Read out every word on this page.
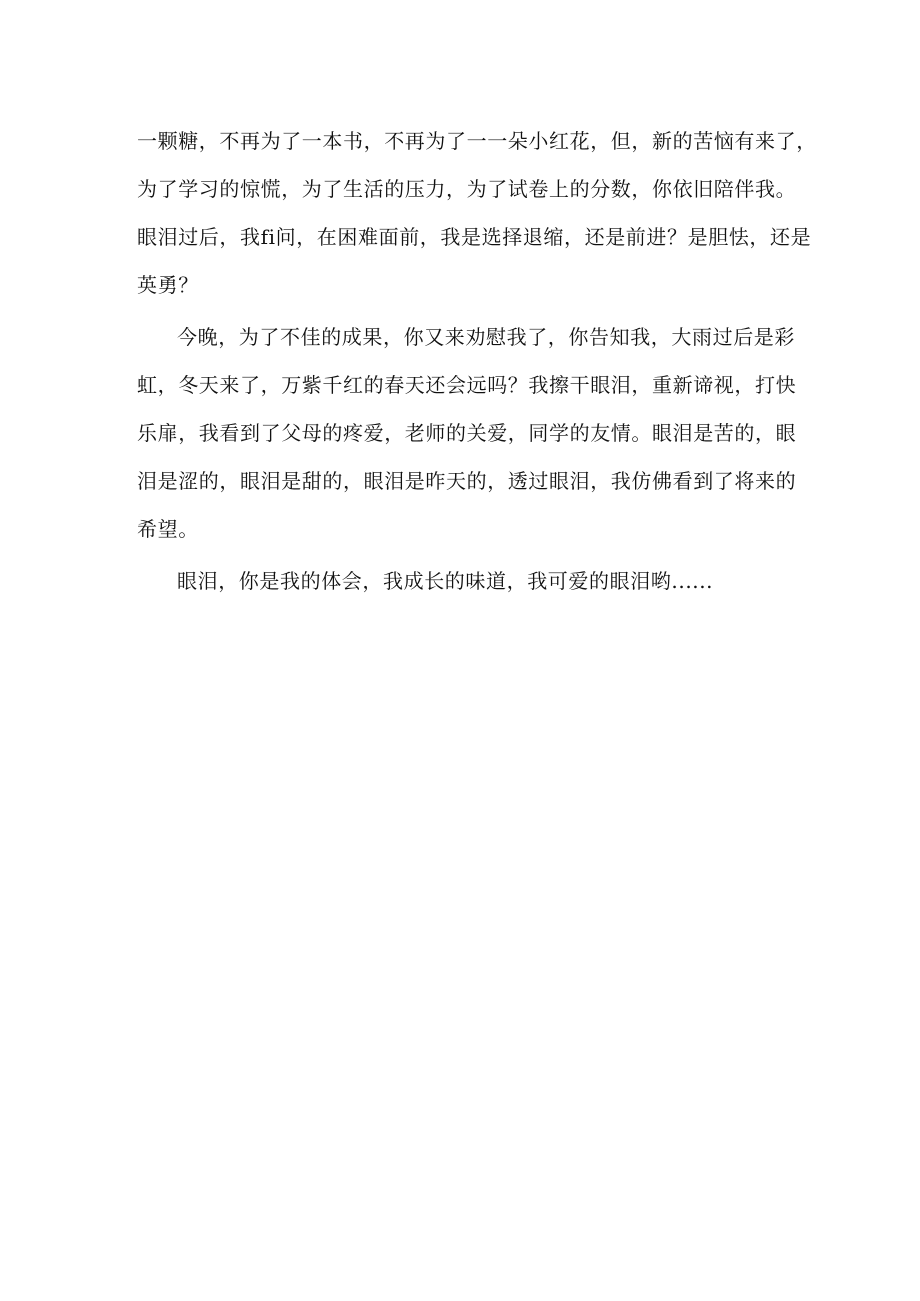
一颗糖，不再为了一本书，不再为了一一朵小红花，但，新的苦恼有来了，
为了学习的惊慌，为了生活的压力，为了试卷上的分数，你依旧陪伴我。
眼泪过后，我fi问，在困难面前，我是选择退缩，还是前进？是胆怯，还是
英勇？
今晚，为了不佳的成果，你又来劝慰我了，你告知我，大雨过后是彩
虹，冬天来了，万紫千红的春天还会远吗？我擦干眼泪，重新谛视，打快
乐扉，我看到了父母的疼爱，老师的关爱，同学的友情。眼泪是苦的，眼
泪是涩的，眼泪是甜的，眼泪是昨天的，透过眼泪，我仿佛看到了将来的
希望。
眼泪，你是我的体会，我成长的味道，我可爱的眼泪哟......
